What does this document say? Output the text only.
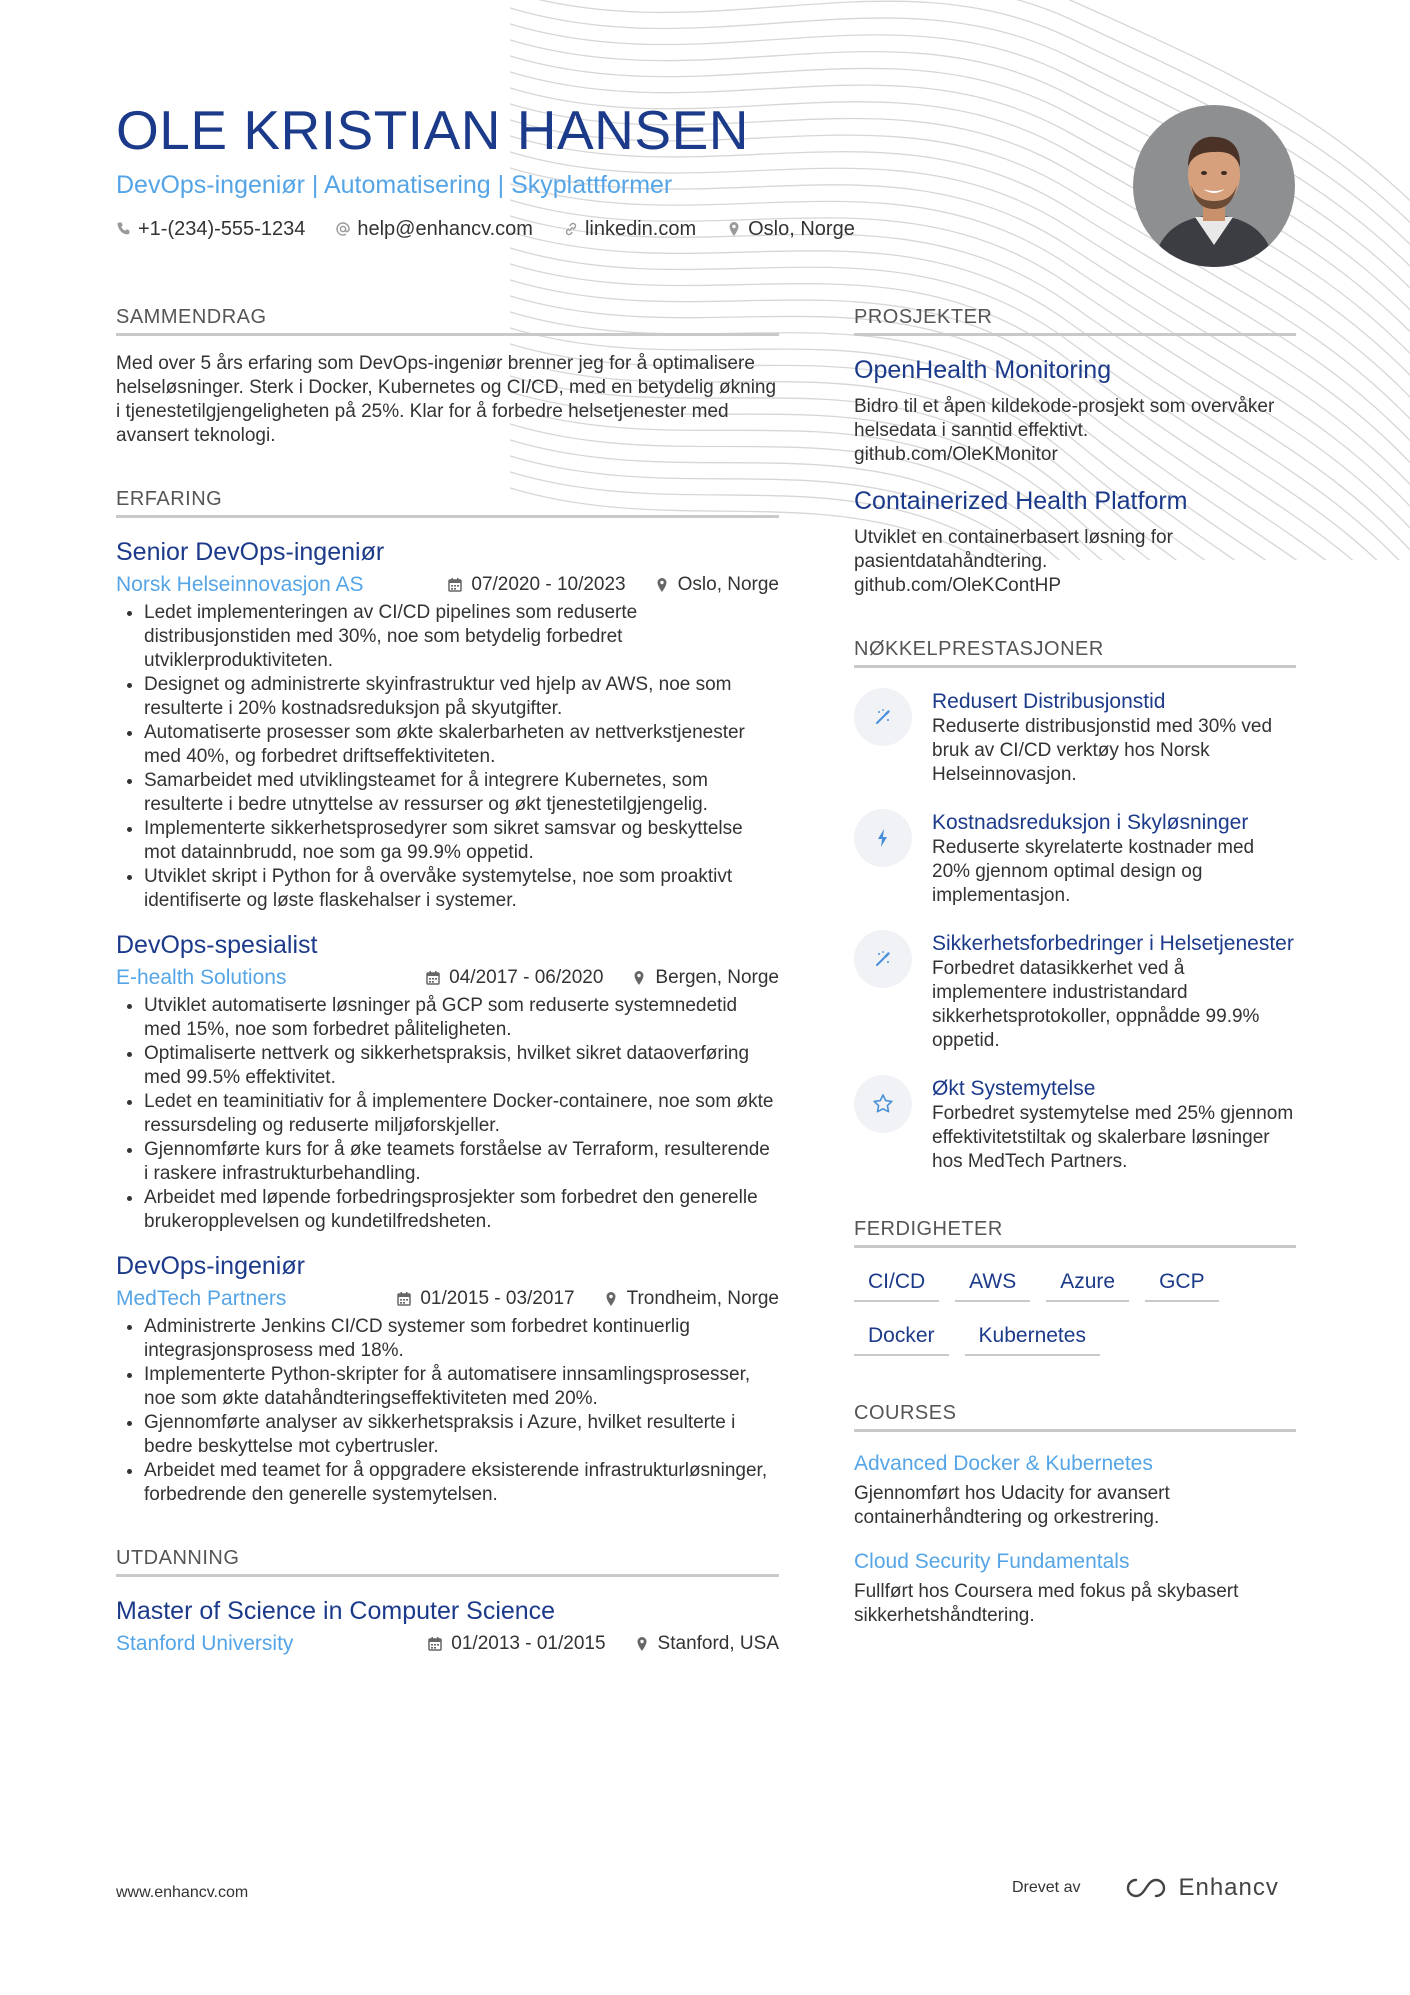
OLE KRISTIAN HANSEN
DevOps-ingeniør | Automatisering | Skyplattformer
+1-(234)-555-1234	help@enhancv.com	linkedin.com	Oslo, Norge
SAMMENDRAG
Med over 5 års erfaring som DevOps-ingeniør brenner jeg for å optimalisere helseløsninger. Sterk i Docker, Kubernetes og CI/CD, med en betydelig økning i tjenestetilgjengeligheten på 25%. Klar for å forbedre helsetjenester med avansert teknologi.
ERFARING
Senior DevOps-ingeniør
Norsk Helseinnovasjon AS	07/2020 - 10/2023	Oslo, Norge
• Ledet implementeringen av CI/CD pipelines som reduserte distribusjonstiden med 30%, noe som betydelig forbedret utviklerproduktiviteten.
• Designet og administrerte skyinfrastruktur ved hjelp av AWS, noe som resulterte i 20% kostnadsreduksjon på skyutgifter.
• Automatiserte prosesser som økte skalerbarheten av nettverkstjenester med 40%, og forbedret driftseffektiviteten.
• Samarbeidet med utviklingsteamet for å integrere Kubernetes, som resulterte i bedre utnyttelse av ressurser og økt tjenestetilgjengelig.
• Implementerte sikkerhetsprosedyrer som sikret samsvar og beskyttelse mot datainnbrudd, noe som ga 99.9% oppetid.
• Utviklet skript i Python for å overvåke systemytelse, noe som proaktivt identifiserte og løste flaskehalser i systemer.
DevOps-spesialist
E-health Solutions	04/2017 - 06/2020	Bergen, Norge
• Utviklet automatiserte løsninger på GCP som reduserte systemnedetid med 15%, noe som forbedret påliteligheten.
• Optimaliserte nettverk og sikkerhetspraksis, hvilket sikret dataoverføring med 99.5% effektivitet.
• Ledet en teaminitiativ for å implementere Docker-containere, noe som økte ressursdeling og reduserte miljøforskjeller.
• Gjennomførte kurs for å øke teamets forståelse av Terraform, resulterende i raskere infrastrukturbehandling.
• Arbeidet med løpende forbedringsprosjekter som forbedret den generelle brukeropplevelsen og kundetilfredsheten.
DevOps-ingeniør
MedTech Partners	01/2015 - 03/2017	Trondheim, Norge
• Administrerte Jenkins CI/CD systemer som forbedret kontinuerlig integrasjonsprosess med 18%.
• Implementerte Python-skripter for å automatisere innsamlingsprosesser, noe som økte datahåndteringseffektiviteten med 20%.
• Gjennomførte analyser av sikkerhetspraksis i Azure, hvilket resulterte i bedre beskyttelse mot cybertrusler.
• Arbeidet med teamet for å oppgradere eksisterende infrastrukturløsninger, forbedrende den generelle systemytelsen.
UTDANNING
Master of Science in Computer Science
Stanford University	01/2013 - 01/2015	Stanford, USA
PROSJEKTER
OpenHealth Monitoring
Bidro til et åpen kildekode-prosjekt som overvåker helsedata i sanntid effektivt.
github.com/OleKMonitor
Containerized Health Platform
Utviklet en containerbasert løsning for pasientdatahåndtering.
github.com/OleKContHP
NØKKELPRESTASJONER
Redusert Distribusjonstid
Reduserte distribusjonstid med 30% ved bruk av CI/CD verktøy hos Norsk Helseinnovasjon.
Kostnadsreduksjon i Skyløsninger
Reduserte skyrelaterte kostnader med 20% gjennom optimal design og implementasjon.
Sikkerhetsforbedringer i Helsetjenester
Forbedret datasikkerhet ved å implementere industristandard sikkerhetsprotokoller, oppnådde 99.9% oppetid.
Økt Systemytelse
Forbedret systemytelse med 25% gjennom effektivitetstiltak og skalerbare løsninger hos MedTech Partners.
FERDIGHETER
CI/CD	AWS	Azure	GCP
Docker	Kubernetes
COURSES
Advanced Docker & Kubernetes
Gjennomført hos Udacity for avansert containerhåndtering og orkestrering.
Cloud Security Fundamentals
Fullført hos Coursera med fokus på skybasert sikkerhetshåndtering.
www.enhancv.com	Drevet av	Enhancv
